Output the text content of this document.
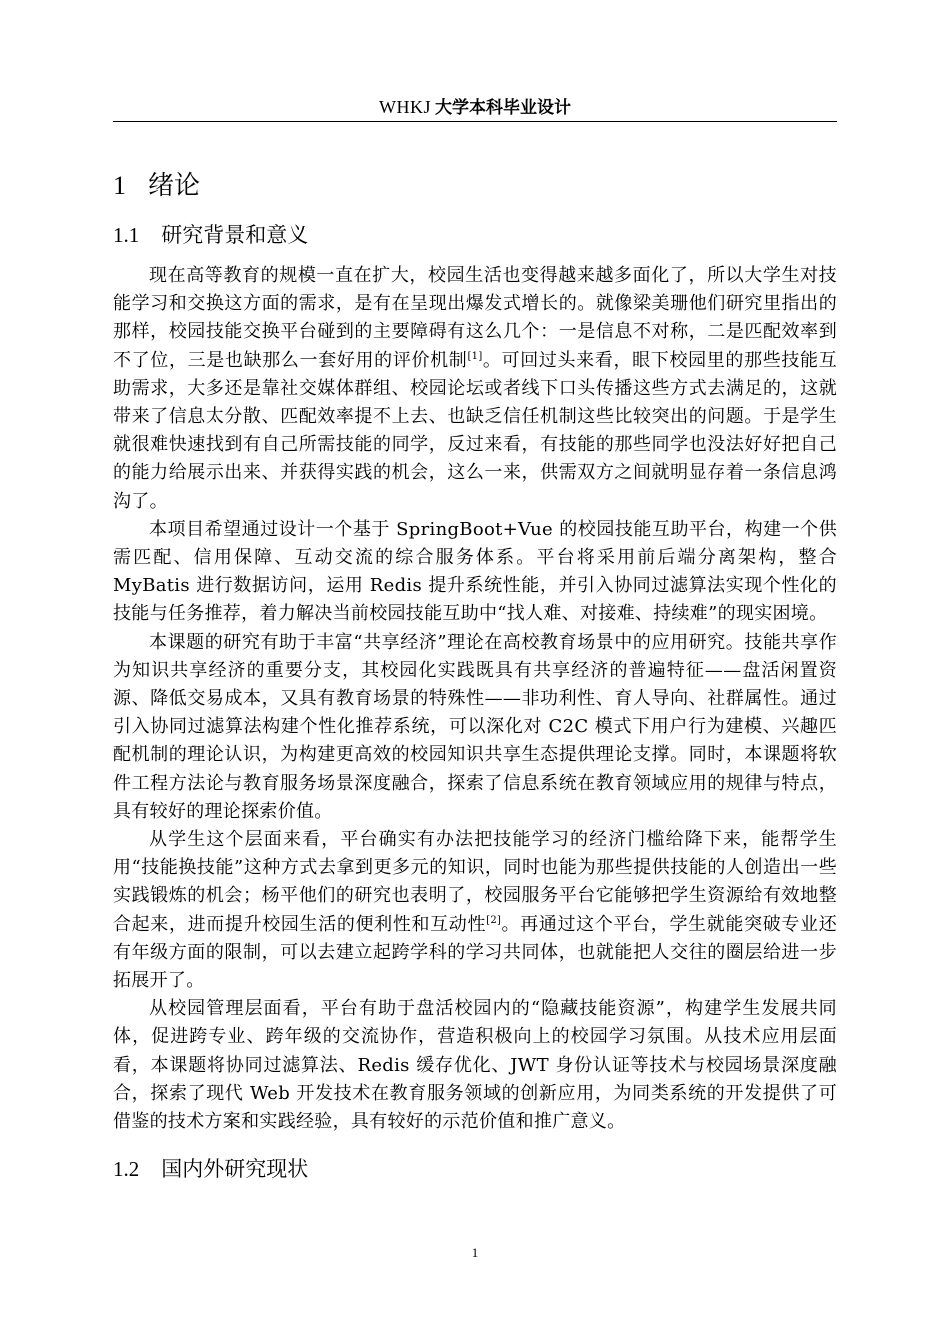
WHKJ 大学本科毕业设计
1 绪论
1.1 研究背景和意义

现在高等教育的规模一直在扩大，校园生活也变得越来越多面化了，所以大学生对技能学习和交换这方面的需求，是有在呈现出爆发式增长的。就像梁美珊他们研究里指出的那样，校园技能交换平台碰到的主要障碍有这么几个：一是信息不对称，二是匹配效率到不了位，三是也缺那么一套好用的评价机制[1]。可回过头来看，眼下校园里的那些技能互助需求，大多还是靠社交媒体群组、校园论坛或者线下口头传播这些方式去满足的，这就带来了信息太分散、匹配效率提不上去、也缺乏信任机制这些比较突出的问题。于是学生就很难快速找到有自己所需技能的同学，反过来看，有技能的那些同学也没法好好把自己的能力给展示出来、并获得实践的机会，这么一来，供需双方之间就明显存着一条信息鸿沟了。

本项目希望通过设计一个基于 SpringBoot+Vue 的校园技能互助平台，构建一个供需匹配、信用保障、互动交流的综合服务体系。平台将采用前后端分离架构，整合 MyBatis 进行数据访问，运用 Redis 提升系统性能，并引入协同过滤算法实现个性化的技能与任务推荐，着力解决当前校园技能互助中“找人难、对接难、持续难”的现实困境。

本课题的研究有助于丰富“共享经济”理论在高校教育场景中的应用研究。技能共享作为知识共享经济的重要分支，其校园化实践既具有共享经济的普遍特征——盘活闲置资源、降低交易成本，又具有教育场景的特殊性——非功利性、育人导向、社群属性。通过引入协同过滤算法构建个性化推荐系统，可以深化对 C2C 模式下用户行为建模、兴趣匹配机制的理论认识，为构建更高效的校园知识共享生态提供理论支撑。同时，本课题将软件工程方法论与教育服务场景深度融合，探索了信息系统在教育领域应用的规律与特点，具有较好的理论探索价值。

从学生这个层面来看，平台确实有办法把技能学习的经济门槛给降下来，能帮学生用“技能换技能”这种方式去拿到更多元的知识，同时也能为那些提供技能的人创造出一些实践锻炼的机会；杨平他们的研究也表明了，校园服务平台它能够把学生资源给有效地整合起来，进而提升校园生活的便利性和互动性[2]。再通过这个平台，学生就能突破专业还有年级方面的限制，可以去建立起跨学科的学习共同体，也就能把人交往的圈层给进一步拓展开了。

从校园管理层面看，平台有助于盘活校园内的“隐藏技能资源”，构建学生发展共同体，促进跨专业、跨年级的交流协作，营造积极向上的校园学习氛围。从技术应用层面看，本课题将协同过滤算法、Redis 缓存优化、JWT 身份认证等技术与校园场景深度融合，探索了现代 Web 开发技术在教育服务领域的创新应用，为同类系统的开发提供了可借鉴的技术方案和实践经验，具有较好的示范价值和推广意义。

1.2 国内外研究现状
1
